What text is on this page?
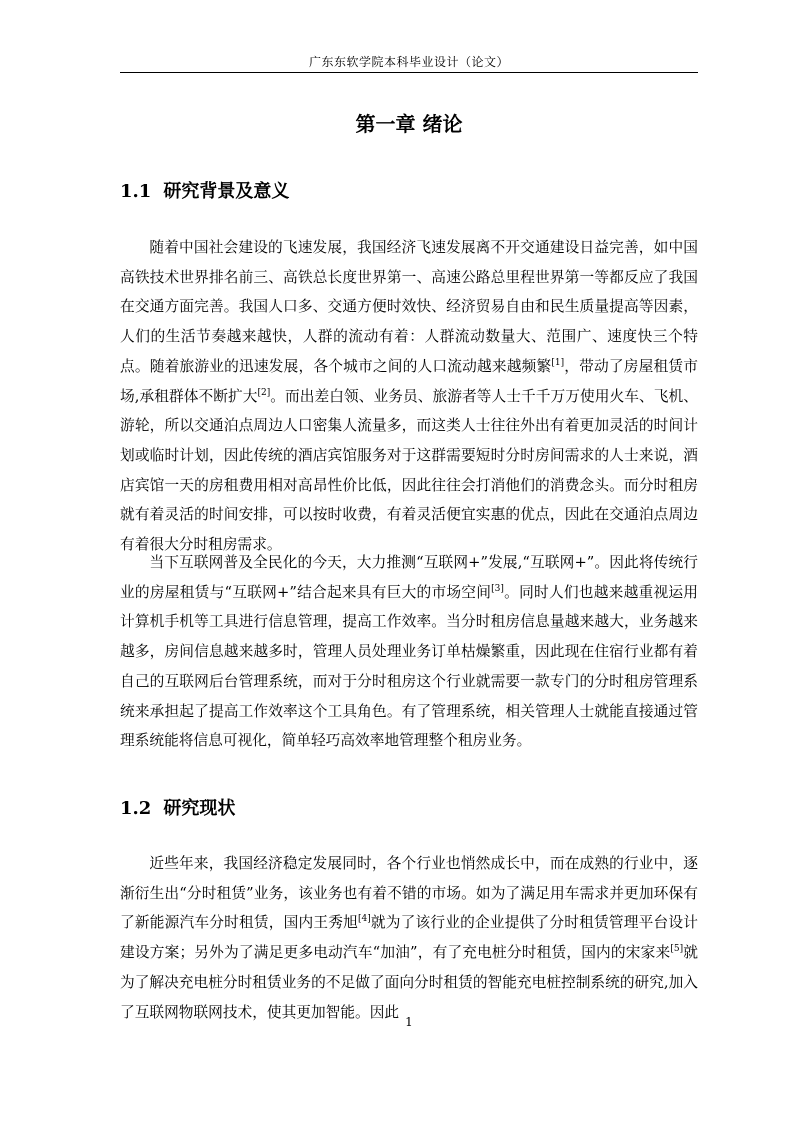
广东东软学院本科毕业设计（论文）
第一章 绪论
1.1 研究背景及意义

随着中国社会建设的飞速发展，我国经济飞速发展离不开交通建设日益完善，如中国高铁技术世界排名前三、高铁总长度世界第一、高速公路总里程世界第一等都反应了我国在交通方面完善。我国人口多、交通方便时效快、经济贸易自由和民生质量提高等因素，人们的生活节奏越来越快，人群的流动有着：人群流动数量大、范围广、速度快三个特点。随着旅游业的迅速发展，各个城市之间的人口流动越来越频繁[1]，带动了房屋租赁市场,承租群体不断扩大[2]。而出差白领、业务员、旅游者等人士千千万万使用火车、飞机、游轮，所以交通泊点周边人口密集人流量多，而这类人士往往外出有着更加灵活的时间计划或临时计划，因此传统的酒店宾馆服务对于这群需要短时分时房间需求的人士来说，酒店宾馆一天的房租费用相对高昂性价比低，因此往往会打消他们的消费念头。而分时租房就有着灵活的时间安排，可以按时收费，有着灵活便宜实惠的优点，因此在交通泊点周边有着很大分时租房需求。

当下互联网普及全民化的今天，大力推测“互联网+”发展,“互联网+”。因此将传统行业的房屋租赁与“互联网+”结合起来具有巨大的市场空间[3]。同时人们也越来越重视运用计算机手机等工具进行信息管理，提高工作效率。当分时租房信息量越来越大，业务越来越多，房间信息越来越多时，管理人员处理业务订单枯燥繁重，因此现在住宿行业都有着自己的互联网后台管理系统，而对于分时租房这个行业就需要一款专门的分时租房管理系统来承担起了提高工作效率这个工具角色。有了管理系统，相关管理人士就能直接通过管理系统能将信息可视化，简单轻巧高效率地管理整个租房业务。

1.2 研究现状

近些年来，我国经济稳定发展同时，各个行业也悄然成长中，而在成熟的行业中，逐渐衍生出“分时租赁”业务，该业务也有着不错的市场。如为了满足用车需求并更加环保有了新能源汽车分时租赁，国内王秀旭[4]就为了该行业的企业提供了分时租赁管理平台设计建设方案；另外为了满足更多电动汽车“加油”，有了充电桩分时租赁，国内的宋家来[5]就为了解决充电桩分时租赁业务的不足做了面向分时租赁的智能充电桩控制系统的研究,加入了互联网物联网技术，使其更加智能。因此

1
